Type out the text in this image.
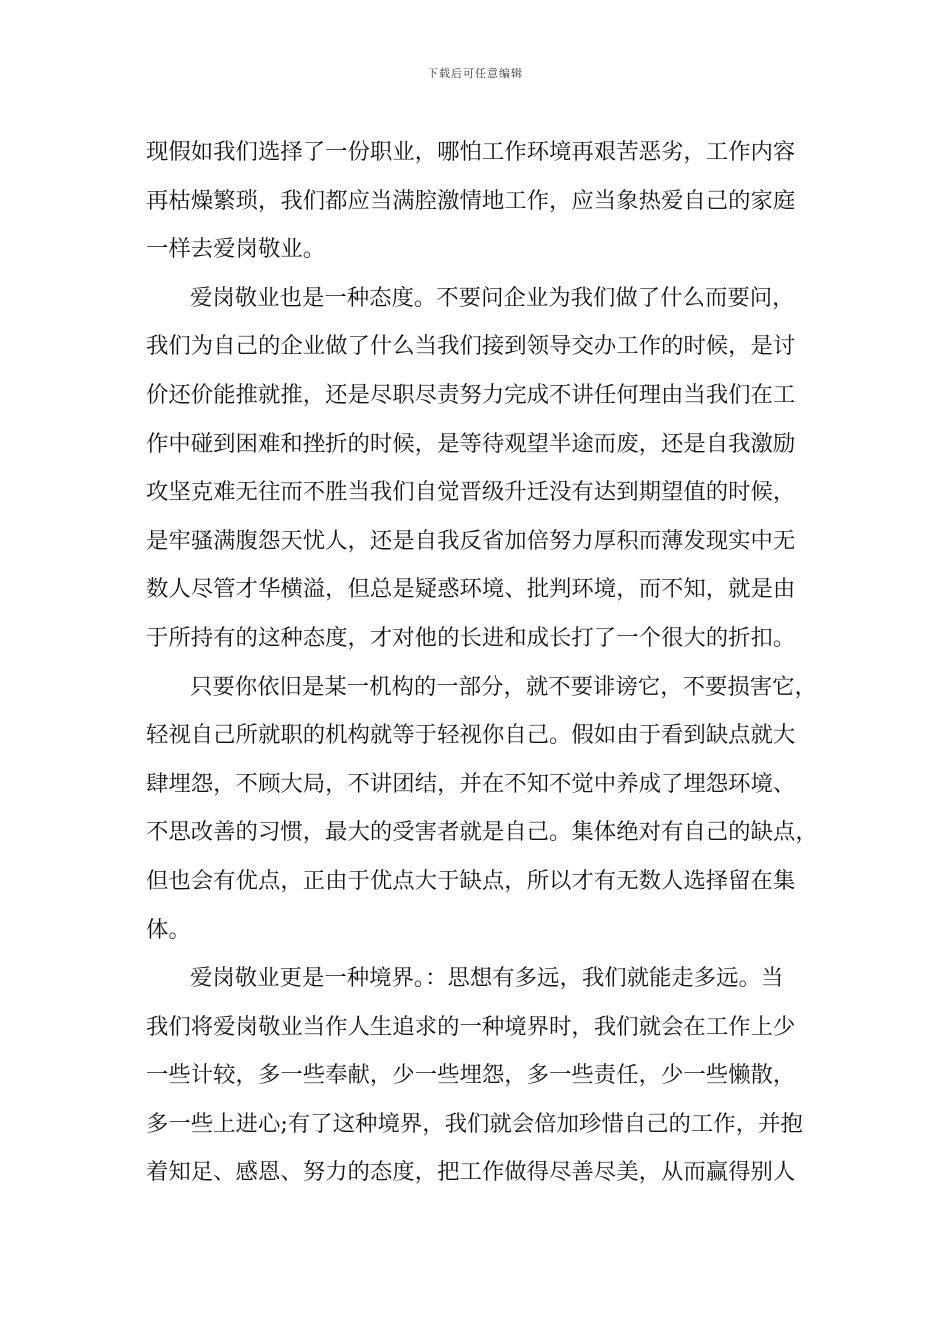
下载后可任意编辑
现假如我们选择了一份职业，哪怕工作环境再艰苦恶劣，工作内容
再枯燥繁琐，我们都应当满腔激情地工作，应当象热爱自己的家庭
一样去爱岗敬业。
爱岗敬业也是一种态度。不要问企业为我们做了什么而要问，
我们为自己的企业做了什么当我们接到领导交办工作的时候，是讨
价还价能推就推，还是尽职尽责努力完成不讲任何理由当我们在工
作中碰到困难和挫折的时候，是等待观望半途而废，还是自我激励
攻坚克难无往而不胜当我们自觉晋级升迁没有达到期望值的时候，
是牢骚满腹怨天忧人，还是自我反省加倍努力厚积而薄发现实中无
数人尽管才华横溢，但总是疑惑环境、批判环境，而不知，就是由
于所持有的这种态度，才对他的长进和成长打了一个很大的折扣。
只要你依旧是某一机构的一部分，就不要诽谤它，不要损害它，
轻视自己所就职的机构就等于轻视你自己。假如由于看到缺点就大
肆埋怨，不顾大局，不讲团结，并在不知不觉中养成了埋怨环境、
不思改善的习惯，最大的受害者就是自己。集体绝对有自己的缺点，
但也会有优点，正由于优点大于缺点，所以才有无数人选择留在集
体。
爱岗敬业更是一种境界。：思想有多远，我们就能走多远。当
我们将爱岗敬业当作人生追求的一种境界时，我们就会在工作上少
一些计较，多一些奉献，少一些埋怨，多一些责任，少一些懒散，
多一些上进心;有了这种境界，我们就会倍加珍惜自己的工作，并抱
着知足、感恩、努力的态度，把工作做得尽善尽美，从而赢得别人
